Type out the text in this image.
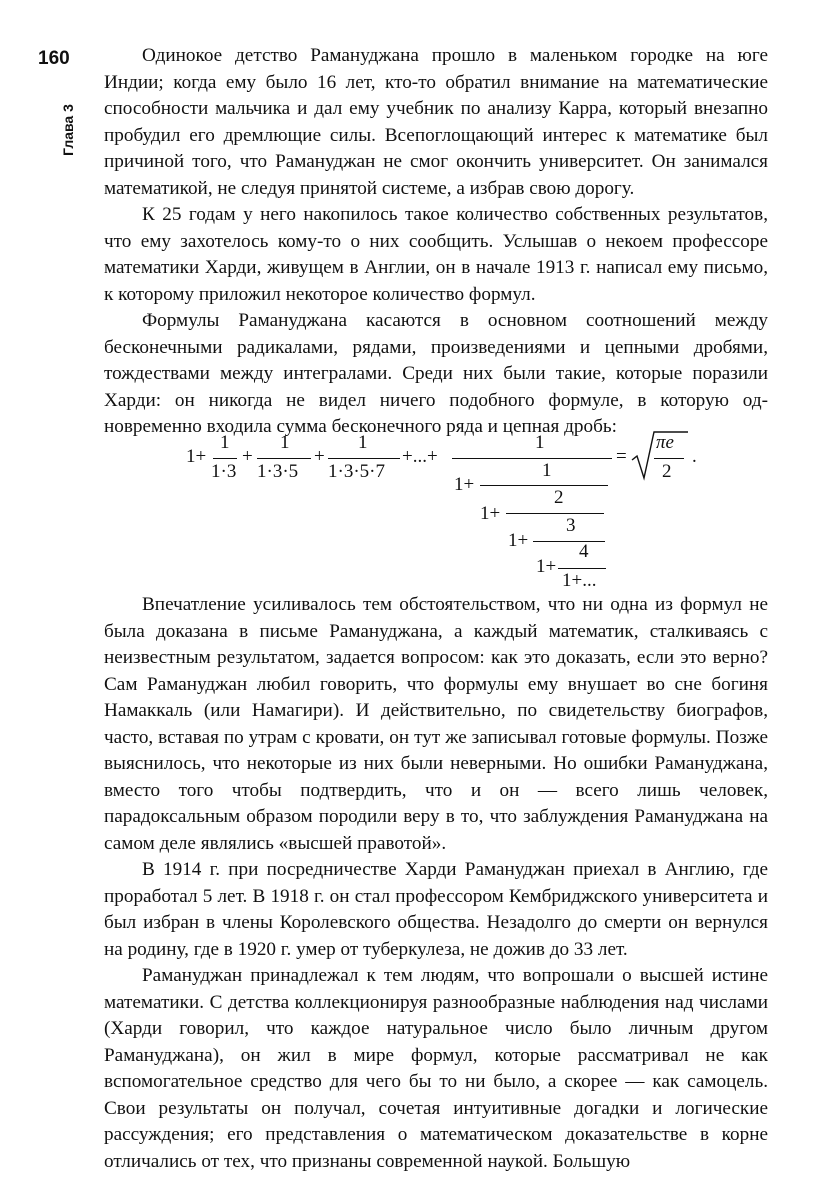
160
Глава 3

Одинокое детство Рамануджана прошло в маленьком городке на юге Индии; когда ему было 16 лет, кто-то обратил внимание на математические способности мальчика и дал ему учебник по анализу Карра, который внезапно пробудил его дремлющие силы. Всепоглощающий интерес к математике был причиной того, что Рамануджан не смог окончить университет. Он занимался математикой, не следуя принятой системе, а избрав свою дорогу.

К 25 годам у него накопилось такое количество собственных результатов, что ему захотелось кому-то о них сообщить. Услышав о некоем профессоре математики Харди, живущем в Англии, он в начале 1913 г. написал ему письмо, к которому приложил некоторое количество формул.

Формулы Рамануджана касаются в основном соотношений между бесконечными радикалами, рядами, произведениями и цепными дробями, тождествами между интегралами. Среди них были такие, которые поразили Харди: он никогда не видел ничего подобного формуле, в которую одновременно входила сумма бесконечного ряда и цепная дробь:

1+
1
1·3
+
1
1·3·5
+
1
1·3·5·7
+...+
1
1+
1
1+
2
1+
3
1+
4
1+...
=
πe
2
.

Впечатление усиливалось тем обстоятельством, что ни одна из формул не была доказана в письме Рамануджана, а каждый математик, сталкиваясь с неизвестным результатом, задается вопросом: как это доказать, если это верно? Сам Рамануджан любил говорить, что формулы ему внушает во сне богиня Намаккаль (или Намагири). И действительно, по свидетельству биографов, часто, вставая по утрам с кровати, он тут же записывал готовые формулы. Позже выяснилось, что некоторые из них были неверными. Но ошибки Рамануджана, вместо того чтобы подтвердить, что и он — всего лишь человек, парадоксальным образом породили веру в то, что заблуждения Рамануджана на самом деле являлись «высшей правотой».

В 1914 г. при посредничестве Харди Рамануджан приехал в Англию, где проработал 5 лет. В 1918 г. он стал профессором Кембриджского университета и был избран в члены Королевского общества. Незадолго до смерти он вернулся на родину, где в 1920 г. умер от туберкулеза, не дожив до 33 лет.

Рамануджан принадлежал к тем людям, что вопрошали о высшей истине математики. С детства коллекционируя разнообразные наблюдения над числами (Харди говорил, что каждое натуральное число было личным другом Рамануджана), он жил в мире формул, которые рассматривал не как вспомогательное средство для чего бы то ни было, а скорее — как самоцель. Свои результаты он получал, сочетая интуитивные догадки и логические рассуждения; его представления о математическом доказательстве в корне отличались от тех, что признаны современной наукой. Большую
